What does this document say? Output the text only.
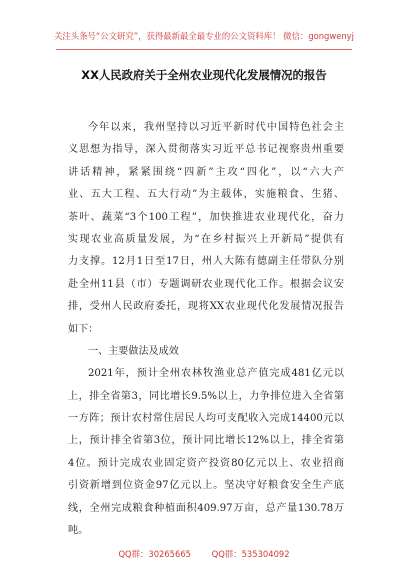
关注头条号“公文研究”，获得最新最全最专业的公文资料库！ 微信：gongwenyj
XX人民政府关于全州农业现代化发展情况的报告
今年以来，我州坚持以习近平新时代中国特色社会主
义思想为指导，深入贯彻落实习近平总书记视察贵州重要
讲话精神，紧紧围绕“四新”主攻“四化”，以“六大产
业、五大工程、五大行动”为主载体，实施粮食、生猪、
茶叶、蔬菜“3个100工程”，加快推进农业现代化，奋力
实现农业高质量发展，为“在乡村振兴上开新局”提供有
力支撑。12月1日至17日，州人大陈有德副主任带队分别
赴全州11县（市）专题调研农业现代化工作。根据会议安
排，受州人民政府委托，现将XX农业现代化发展情况报告
如下：
一、主要做法及成效
2021年，预计全州农林牧渔业总产值完成481亿元以
上，排全省第3，同比增长9.5%以上，力争排位进入全省第
一方阵；预计农村常住居民人均可支配收入完成14400元以
上，预计排全省第3位，预计同比增长12%以上，排全省第
4位。预计完成农业固定资产投资80亿元以上、农业招商
引资新增到位资金97亿元以上。坚决守好粮食安全生产底
线，全州完成粮食种植面积409.97万亩，总产量130.78万
吨。
QQ群：30265665 QQ群：535304092
